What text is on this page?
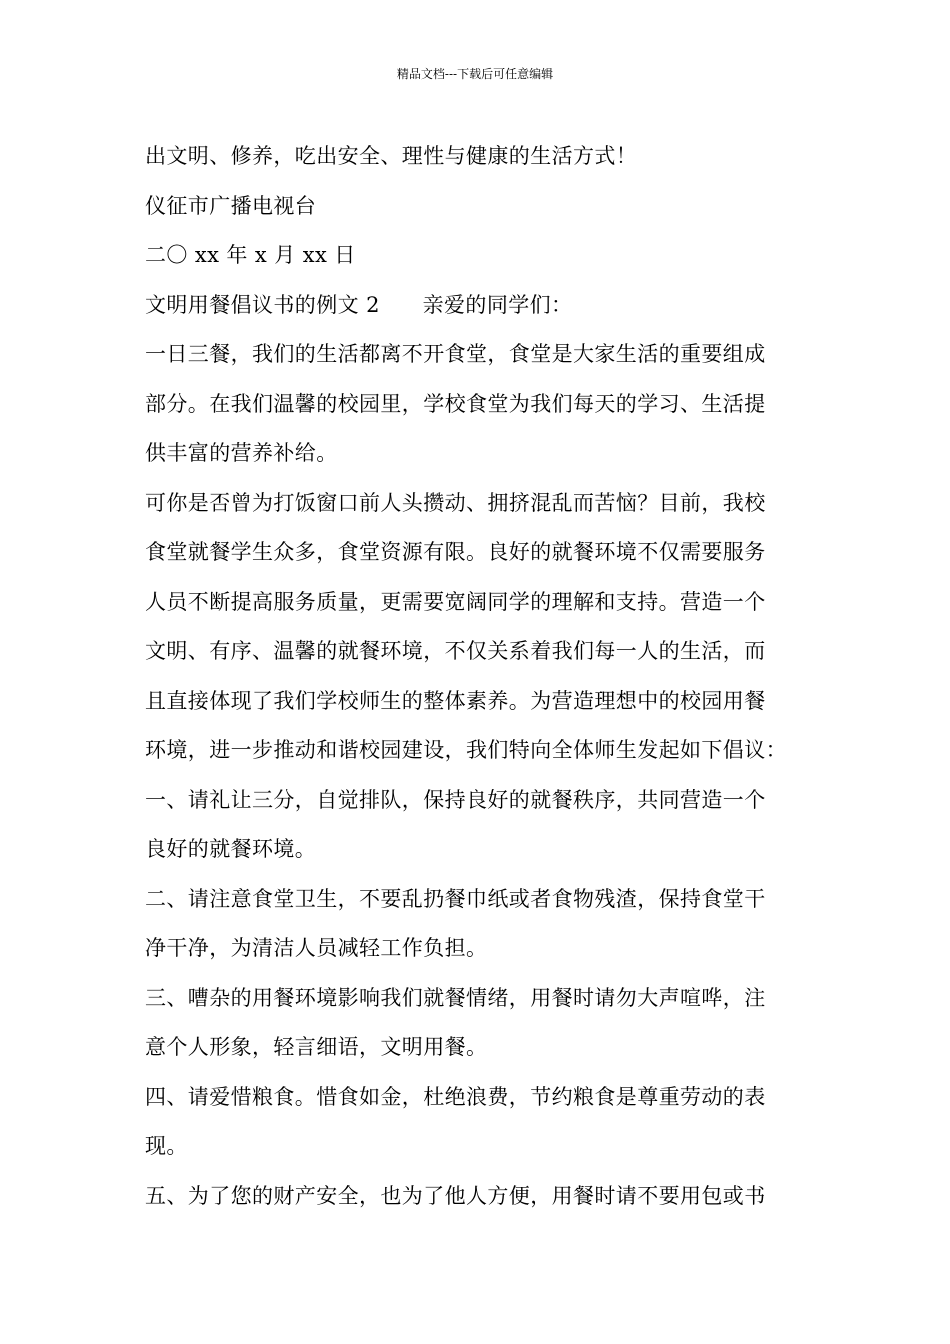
精品文档---下载后可任意编辑
出文明、修养，吃出安全、理性与健康的生活方式！
仪征市广播电视台
二〇 xx 年 x 月 xx 日
文明用餐倡议书的例文 2　　亲爱的同学们：
一日三餐，我们的生活都离不开食堂，食堂是大家生活的重要组成
部分。在我们温馨的校园里，学校食堂为我们每天的学习、生活提
供丰富的营养补给。
可你是否曾为打饭窗口前人头攒动、拥挤混乱而苦恼？目前，我校
食堂就餐学生众多，食堂资源有限。良好的就餐环境不仅需要服务
人员不断提高服务质量，更需要宽阔同学的理解和支持。营造一个
文明、有序、温馨的就餐环境，不仅关系着我们每一人的生活，而
且直接体现了我们学校师生的整体素养。为营造理想中的校园用餐
环境，进一步推动和谐校园建设，我们特向全体师生发起如下倡议：
一、请礼让三分，自觉排队，保持良好的就餐秩序，共同营造一个
良好的就餐环境。
二、请注意食堂卫生，不要乱扔餐巾纸或者食物残渣，保持食堂干
净干净，为清洁人员减轻工作负担。
三、嘈杂的用餐环境影响我们就餐情绪，用餐时请勿大声喧哗，注
意个人形象，轻言细语，文明用餐。
四、请爱惜粮食。惜食如金，杜绝浪费，节约粮食是尊重劳动的表
现。
五、为了您的财产安全，也为了他人方便，用餐时请不要用包或书
